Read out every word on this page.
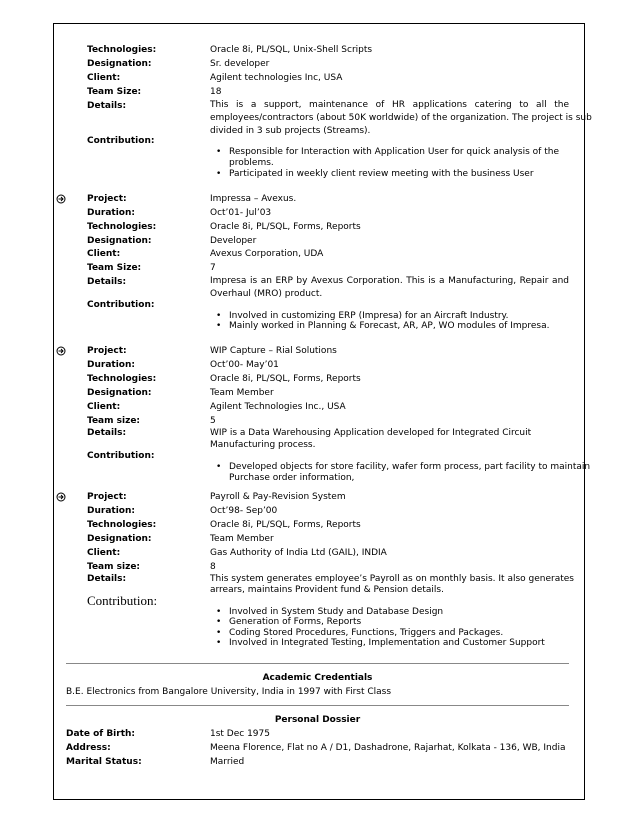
Technologies:	Oracle 8i, PL/SQL, Unix-Shell Scripts
Designation:	Sr. developer
Client:	Agilent technologies Inc, USA
Team Size:	18
Details:	This is a support, maintenance of HR applications catering to all the
employees/contractors (about 50K worldwide) of the organization. The project is sub
divided in 3 sub projects (Streams).
Contribution:
• Responsible for Interaction with Application User for quick analysis of the
problems.
• Participated in weekly client review meeting with the business User
Project:	Impressa – Avexus.
Duration:	Oct’01- Jul’03
Technologies:	Oracle 8i, PL/SQL, Forms, Reports
Designation:	Developer
Client:	Avexus Corporation, UDA
Team Size:	7
Details:	Impresa is an ERP by Avexus Corporation. This is a Manufacturing, Repair and
Overhaul (MRO) product.
Contribution:
• Involved in customizing ERP (Impresa) for an Aircraft Industry.
• Mainly worked in Planning & Forecast, AR, AP, WO modules of Impresa.
Project:	WIP Capture – Rial Solutions
Duration:	Oct’00- May’01
Technologies:	Oracle 8i, PL/SQL, Forms, Reports
Designation:	Team Member
Client:	Agilent Technologies Inc., USA
Team size:	5
Details:	WIP is a Data Warehousing Application developed for Integrated Circuit
Manufacturing process.
Contribution:
• Developed objects for store facility, wafer form process, part facility to maintain
Purchase order information,
Project:	Payroll & Pay-Revision System
Duration:	Oct’98- Sep’00
Technologies:	Oracle 8i, PL/SQL, Forms, Reports
Designation:	Team Member
Client:	Gas Authority of India Ltd (GAIL), INDIA
Team size:	8
Details:	This system generates employee’s Payroll as on monthly basis. It also generates
arrears, maintains Provident fund & Pension details.
Contribution:
• Involved in System Study and Database Design
• Generation of Forms, Reports
• Coding Stored Procedures, Functions, Triggers and Packages.
• Involved in Integrated Testing, Implementation and Customer Support
Academic Credentials
B.E. Electronics from Bangalore University, India in 1997 with First Class
Personal Dossier
Date of Birth:	1st Dec 1975
Address:	Meena Florence, Flat no A / D1, Dashadrone, Rajarhat, Kolkata - 136, WB, India
Marital Status:	Married
